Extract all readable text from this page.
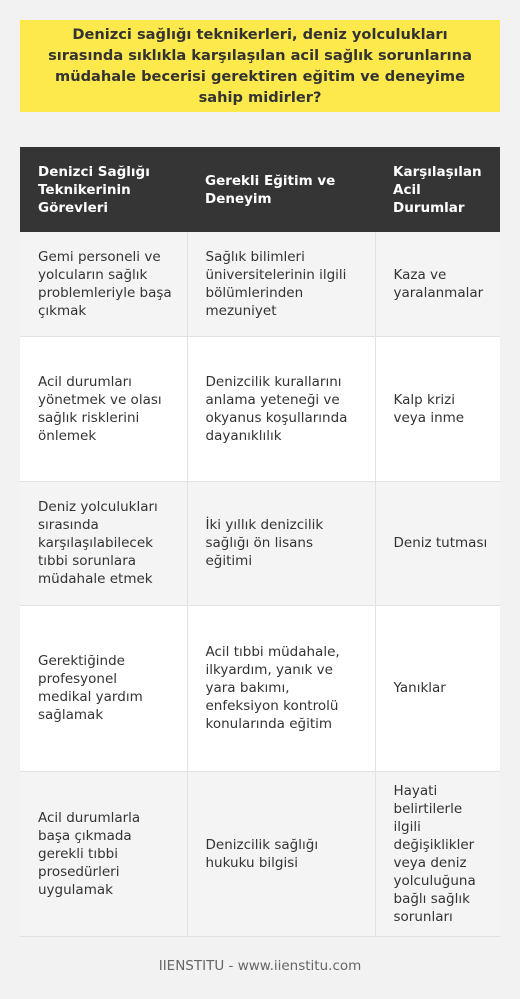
Denizci sağlığı teknikerleri, deniz yolculukları sırasında sıklıkla karşılaşılan acil sağlık sorunlarına müdahale becerisi gerektiren eğitim ve deneyime sahip midirler?
Denizci Sağlığı Teknikerinin Görevleri	Gerekli Eğitim ve Deneyim	Karşılaşılan Acil Durumlar
Gemi personeli ve yolcuların sağlık problemleriyle başa çıkmak	Sağlık bilimleri üniversitelerinin ilgili bölümlerinden mezuniyet	Kaza ve yaralanmalar
Acil durumları yönetmek ve olası sağlık risklerini önlemek	Denizcilik kurallarını anlama yeteneği ve okyanus koşullarında dayanıklılık	Kalp krizi veya inme
Deniz yolculukları sırasında karşılaşılabilecek tıbbi sorunlara müdahale etmek	İki yıllık denizcilik sağlığı ön lisans eğitimi	Deniz tutması
Gerektiğinde profesyonel medikal yardım sağlamak	Acil tıbbi müdahale, ilkyardım, yanık ve yara bakımı, enfeksiyon kontrolü konularında eğitim	Yanıklar
Acil durumlarla başa çıkmada gerekli tıbbi prosedürleri uygulamak	Denizcilik sağlığı hukuku bilgisi	Hayati belirtilerle ilgili değişiklikler veya deniz yolculuğuna bağlı sağlık sorunları
IIENSTITU - www.iienstitu.com
